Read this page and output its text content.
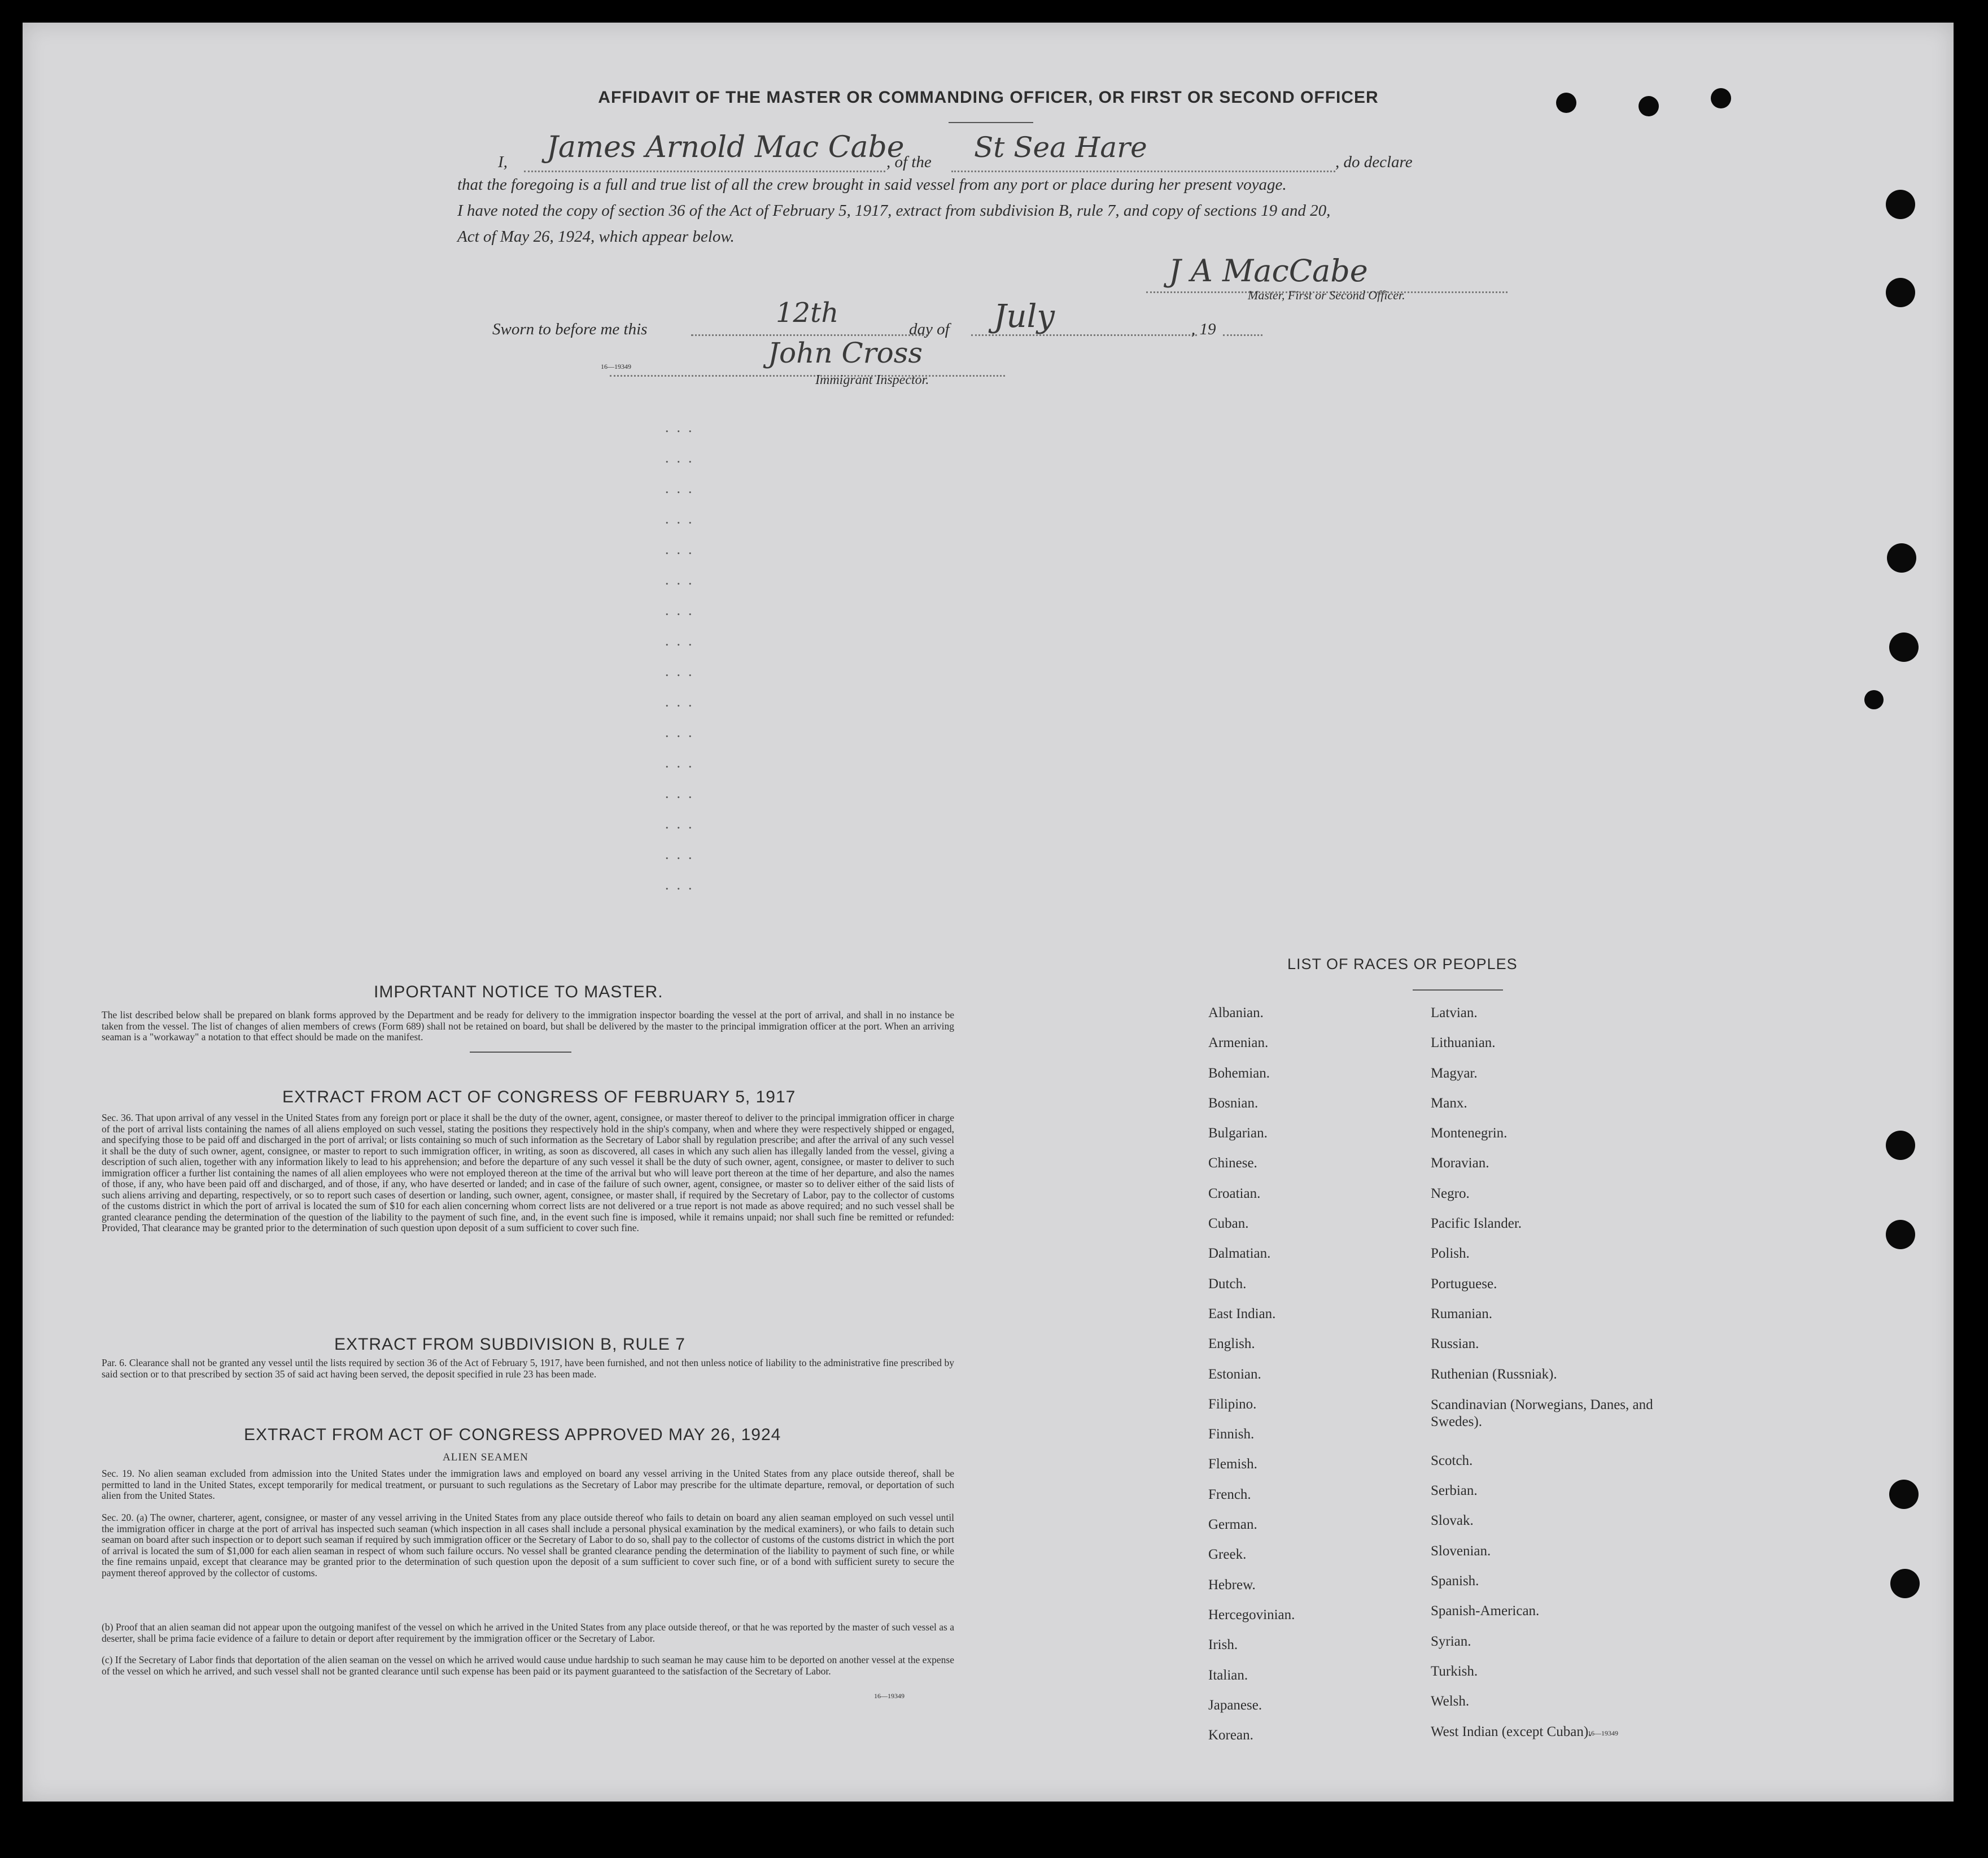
AFFIDAVIT OF THE MASTER OR COMMANDING OFFICER, OR FIRST OR SECOND OFFICER
I, James Arnold Mac Cabe
, of the St Sea Hare	, do declare
that the foregoing is a full and true list of all the crew brought in said vessel from any port or place during her present voyage.
I have noted the copy of section 36 of the Act of February 5, 1917, extract from subdivision B, rule 7, and copy of sections 19 and 20,
Act of May 26, 1924, which appear below.
J A MacCabe
Master, First or Second Officer.
Sworn to before me this
12th
day of July	, 19
John Cross
16—19349
Immigrant Inspector.
...
...
...
...
...
...
...
...
...
...
...
...
...
...
...
...
IMPORTANT NOTICE TO MASTER.
The list described below shall be prepared on blank forms approved by the Department and be ready for delivery to the immigration inspector boarding the vessel at the port of arrival, and shall in no instance be taken from the vessel. The list of changes of alien members of crews (Form 689) shall not be retained on board, but shall be delivered by the master to the principal immigration officer at the port. When an arriving seaman is a "workaway" a notation to that effect should be made on the manifest.
EXTRACT FROM ACT OF CONGRESS OF FEBRUARY 5, 1917
Sec. 36. That upon arrival of any vessel in the United States from any foreign port or place it shall be the duty of the owner, agent, consignee, or master thereof to deliver to the principal immigration officer in charge of the port of arrival lists containing the names of all aliens employed on such vessel, stating the positions they respectively hold in the ship's company, when and where they were respectively shipped or engaged, and specifying those to be paid off and discharged in the port of arrival; or lists containing so much of such information as the Secretary of Labor shall by regulation prescribe; and after the arrival of any such vessel it shall be the duty of such owner, agent, consignee, or master to report to such immigration officer, in writing, as soon as discovered, all cases in which any such alien has illegally landed from the vessel, giving a description of such alien, together with any information likely to lead to his apprehension; and before the departure of any such vessel it shall be the duty of such owner, agent, consignee, or master to deliver to such immigration officer a further list containing the names of all alien employees who were not employed thereon at the time of the arrival but who will leave port thereon at the time of her departure, and also the names of those, if any, who have been paid off and discharged, and of those, if any, who have deserted or landed; and in case of the failure of such owner, agent, consignee, or master so to deliver either of the said lists of such aliens arriving and departing, respectively, or so to report such cases of desertion or landing, such owner, agent, consignee, or master shall, if required by the Secretary of Labor, pay to the collector of customs of the customs district in which the port of arrival is located the sum of $10 for each alien concerning whom correct lists are not delivered or a true report is not made as above required; and no such vessel shall be granted clearance pending the determination of the question of the liability to the payment of such fine, and, in the event such fine is imposed, while it remains unpaid; nor shall such fine be remitted or refunded: Provided, That clearance may be granted prior to the determination of such question upon deposit of a sum sufficient to cover such fine.
EXTRACT FROM SUBDIVISION B, RULE 7
Par. 6. Clearance shall not be granted any vessel until the lists required by section 36 of the Act of February 5, 1917, have been furnished, and not then unless notice of liability to the administrative fine prescribed by said section or to that prescribed by section 35 of said act having been served, the deposit specified in rule 23 has been made.
EXTRACT FROM ACT OF CONGRESS APPROVED MAY 26, 1924
ALIEN SEAMEN
Sec. 19. No alien seaman excluded from admission into the United States under the immigration laws and employed on board any vessel arriving in the United States from any place outside thereof, shall be permitted to land in the United States, except temporarily for medical treatment, or pursuant to such regulations as the Secretary of Labor may prescribe for the ultimate departure, removal, or deportation of such alien from the United States.
Sec. 20. (a) The owner, charterer, agent, consignee, or master of any vessel arriving in the United States from any place outside thereof who fails to detain on board any alien seaman employed on such vessel until the immigration officer in charge at the port of arrival has inspected such seaman (which inspection in all cases shall include a personal physical examination by the medical examiners), or who fails to detain such seaman on board after such inspection or to deport such seaman if required by such immigration officer or the Secretary of Labor to do so, shall pay to the collector of customs of the customs district in which the port of arrival is located the sum of $1,000 for each alien seaman in respect of whom such failure occurs. No vessel shall be granted clearance pending the determination of the liability to payment of such fine, or while the fine remains unpaid, except that clearance may be granted prior to the determination of such question upon the deposit of a sum sufficient to cover such fine, or of a bond with sufficient surety to secure the payment thereof approved by the collector of customs.
(b) Proof that an alien seaman did not appear upon the outgoing manifest of the vessel on which he arrived in the United States from any place outside thereof, or that he was reported by the master of such vessel as a deserter, shall be prima facie evidence of a failure to detain or deport after requirement by the immigration officer or the Secretary of Labor.
(c) If the Secretary of Labor finds that deportation of the alien seaman on the vessel on which he arrived would cause undue hardship to such seaman he may cause him to be deported on another vessel at the expense of the vessel on which he arrived, and such vessel shall not be granted clearance until such expense has been paid or its payment guaranteed to the satisfaction of the Secretary of Labor.
16—19349
LIST OF RACES OR PEOPLES
Albanian.
Armenian.
Bohemian.
Bosnian.
Bulgarian.
Chinese.
Croatian.
Cuban.
Dalmatian.
Dutch.
East Indian.
English.
Estonian.
Filipino.
Finnish.
Flemish.
French.
German.
Greek.
Hebrew.
Hercegovinian.
Irish.
Italian.
Japanese.
Korean.
Latvian.
Lithuanian.
Magyar.
Manx.
Montenegrin.
Moravian.
Negro.
Pacific Islander.
Polish.
Portuguese.
Rumanian.
Russian.
Ruthenian (Russniak).
Scandinavian (Norwegians, Danes, and Swedes).
Scotch.
Serbian.
Slovak.
Slovenian.
Spanish.
Spanish-American.
Syrian.
Turkish.
Welsh.
West Indian (except Cuban).
16—19349
